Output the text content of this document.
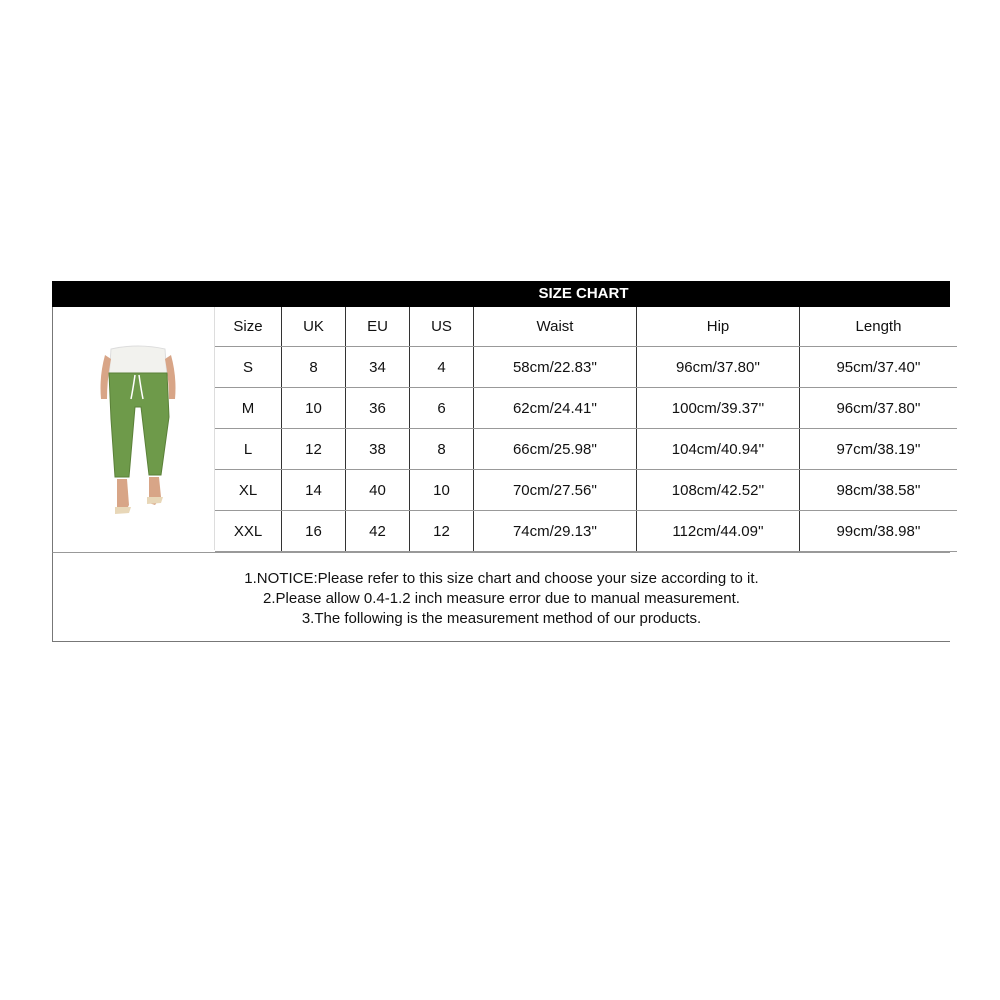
SIZE CHART
Size	UK	EU	US	Waist	Hip	Length
S	8	34	4	58cm/22.83''	96cm/37.80''	95cm/37.40''
M	10	36	6	62cm/24.41''	100cm/39.37''	96cm/37.80''
L	12	38	8	66cm/25.98''	104cm/40.94''	97cm/38.19''
XL	14	40	10	70cm/27.56''	108cm/42.52''	98cm/38.58''
XXL	16	42	12	74cm/29.13''	112cm/44.09''	99cm/38.98''
1.NOTICE:Please refer to this size chart and choose your size according to it.
2.Please allow 0.4-1.2 inch measure error due to manual measurement.
3.The following is the measurement method of our products.
